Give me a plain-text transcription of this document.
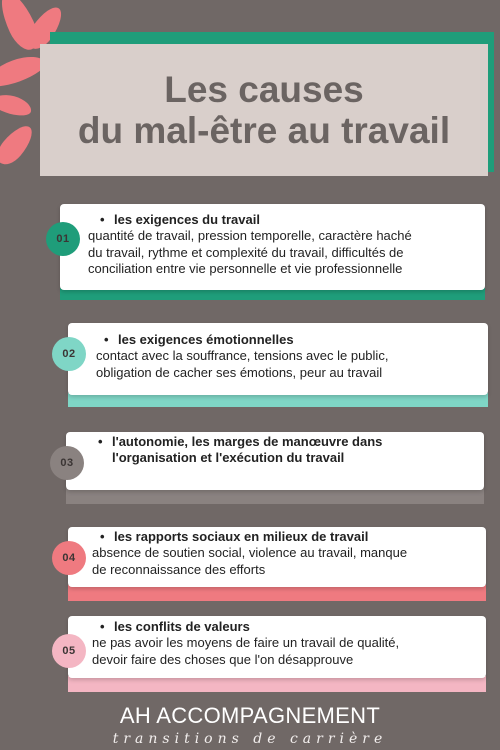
Les causes
du mal-être au travail
01
• les exigences du travail
quantité de travail, pression temporelle, caractère haché
du travail, rythme et complexité du travail, difficultés de
conciliation entre vie personnelle et vie professionnelle
02
• les exigences émotionnelles
contact avec la souffrance, tensions avec le public,
obligation de cacher ses émotions, peur au travail
03
• l'autonomie, les marges de manœuvre dans
l'organisation et l'exécution du travail
04
• les rapports sociaux en milieux de travail
absence de soutien social, violence au travail, manque
de reconnaissance des efforts
05
• les conflits de valeurs
ne pas avoir les moyens de faire un travail de qualité,
devoir faire des choses que l'on désapprouve
AH ACCOMPAGNEMENT
transitions de carrière
